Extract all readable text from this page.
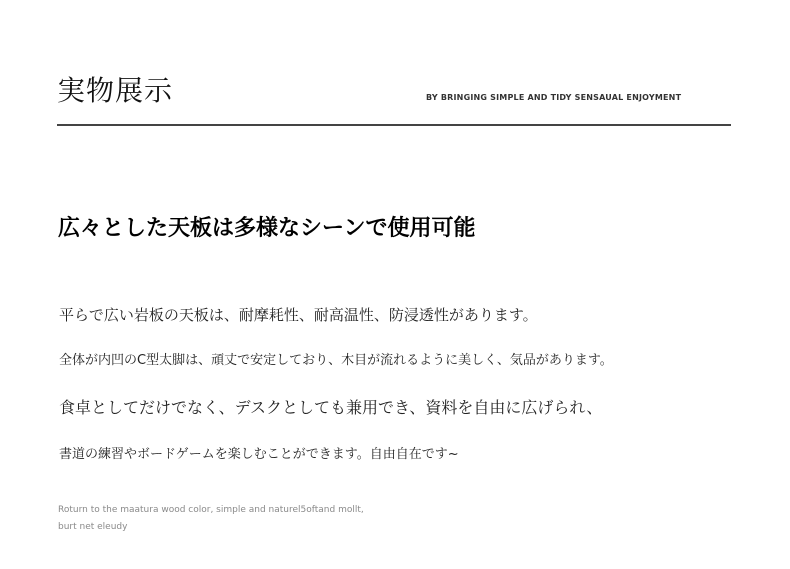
実物展示	BY BRINGING SIMPLE AND TIDY SENSAUAL ENJOYMENT
広々とした天板は多様なシーンで使用可能

平らで広い岩板の天板は、耐摩耗性、耐高温性、防浸透性があります。

全体が内凹のC型太脚は、頑丈で安定しており、木目が流れるように美しく、気品があります。

食卓としてだけでなく、デスクとしても兼用でき、資料を自由に広げられ、

書道の練習やボードゲームを楽しむことができます。自由自在です~

Roturn to the maatura wood color, simple and naturel5oftand mollt,
burt net eleudy
